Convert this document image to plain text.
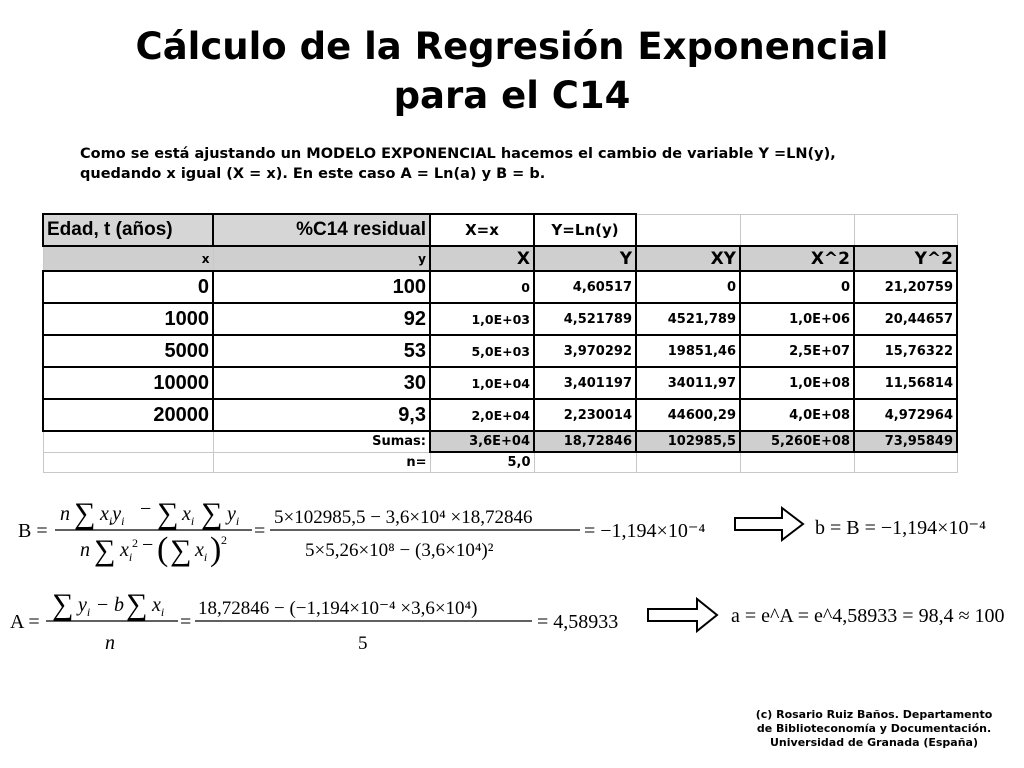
Cálculo de la Regresión Exponencial
para el C14
Como se está ajustando un MODELO EXPONENCIAL hacemos el cambio de variable Y =LN(y),
quedando x igual (X = x). En este caso A = Ln(a) y B = b.
Edad, t (años)	%C14 residual	X=x	Y=Ln(y)			
x	y	X	Y	XY	X^2	Y^2
0	100	0	4,60517	0	0	21,20759
1000	92	1,0E+03	4,521789	4521,789	1,0E+06	20,44657
5000	53	5,0E+03	3,970292	19851,46	2,5E+07	15,76322
10000	30	1,0E+04	3,401197	34011,97	1,0E+08	11,56814
20000	9,3	2,0E+04	2,230014	44600,29	4,0E+08	4,972964
	Sumas:	3,6E+04	18,72846	102985,5	5,260E+08	73,95849
	n=	5,0				
B =
n ∑ $x_iy_i$
− ∑ $x_i$ ∑ $y_i$
n ∑ $x_i$
2 − ( ∑ $x_i$ ) 2 =
5×102985,5 − 3,6×10⁴ ×18,72846
5×5,26×10⁸ − (3,6×10⁴)²
= −1,194×10⁻⁴	b = B = −1,194×10⁻⁴
A =
∑ $y_i - b$ ∑ $x_i$
n
=
18,72846 − (−1,194×10⁻⁴ ×3,6×10⁴)
5
= 4,58933	a = e^A = e^4,58933 = 98,4 ≈ 100
(c) Rosario Ruiz Baños. Departamento
de Biblioteconomía y Documentación.
Universidad de Granada (España)
